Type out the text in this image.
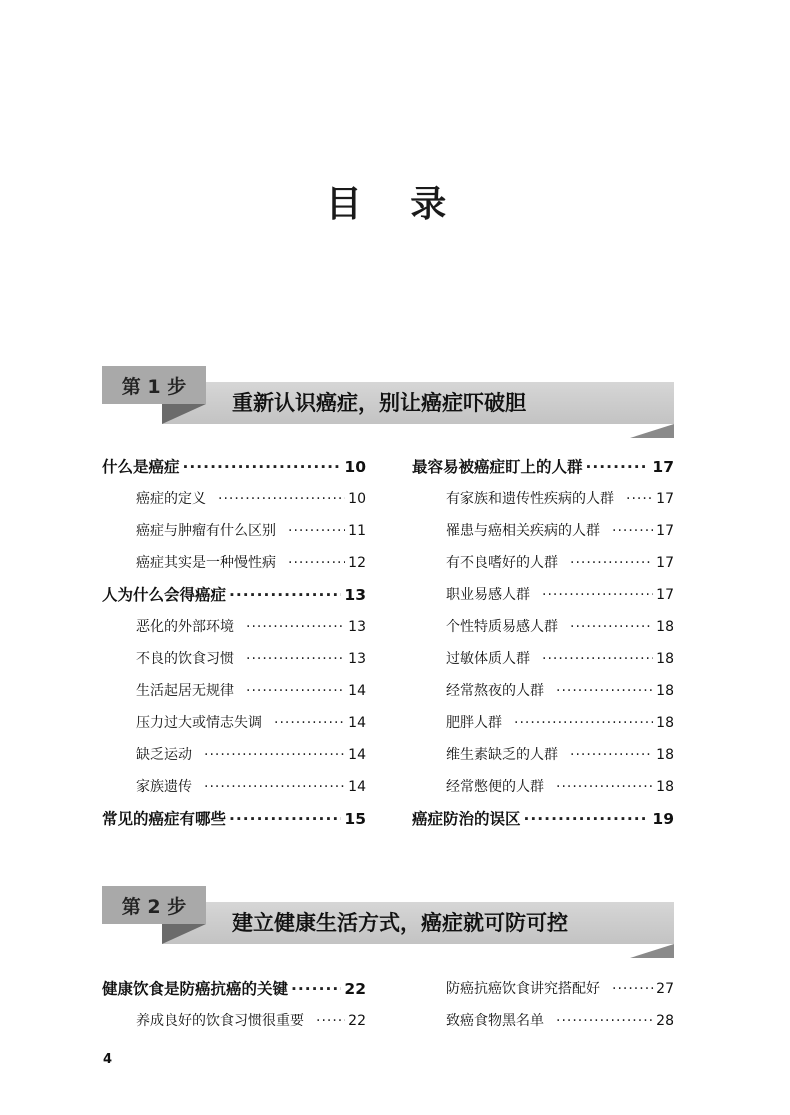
目 录
第 1 步
重新认识癌症，别让癌症吓破胆
什么是癌症 ·····	10
癌症的定义 ·····	10
癌症与肿瘤有什么区别 ·····	11
癌症其实是一种慢性病 ·····	12
人为什么会得癌症 ·····	13
恶化的外部环境 ·····	13
不良的饮食习惯 ·····	13
生活起居无规律 ·····	14
压力过大或情志失调 ·····	14
缺乏运动 ·····	14
家族遗传 ·····	14
常见的癌症有哪些 ·····	15
最容易被癌症盯上的人群 ·····	17
有家族和遗传性疾病的人群 ·····	17
罹患与癌相关疾病的人群 ·····	17
有不良嗜好的人群 ·····	17
职业易感人群 ·····	17
个性特质易感人群 ·····	18
过敏体质人群 ·····	18
经常熬夜的人群 ·····	18
肥胖人群 ·····	18
维生素缺乏的人群 ·····	18
经常憋便的人群 ·····	18
癌症防治的误区 ·····	19
第 2 步
建立健康生活方式，癌症就可防可控
健康饮食是防癌抗癌的关键 ·····	22
养成良好的饮食习惯很重要 ·····	22
防癌抗癌饮食讲究搭配好 ·····	27
致癌食物黑名单 ·····	28
4
